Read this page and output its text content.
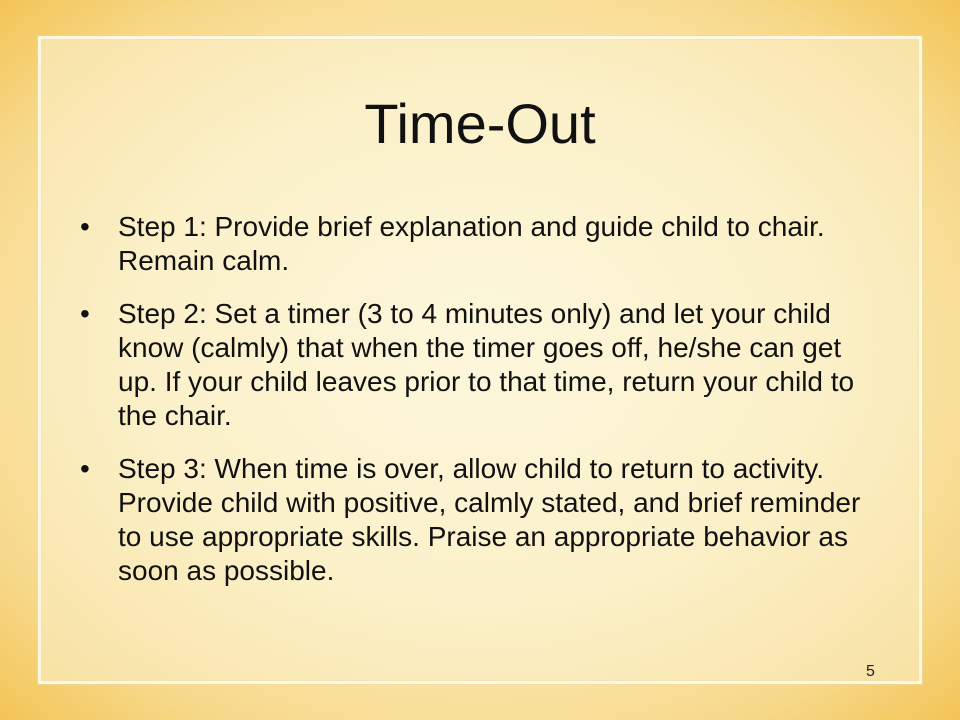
Time-Out
•	Step 1: Provide brief explanation and guide child to chair. Remain calm.
•	Step 2: Set a timer (3 to 4 minutes only) and let your child know (calmly) that when the timer goes off, he/she can get up. If your child leaves prior to that time, return your child to the chair.
•	Step 3: When time is over, allow child to return to activity. Provide child with positive, calmly stated, and brief reminder to use appropriate skills. Praise an appropriate behavior as soon as possible.
5
